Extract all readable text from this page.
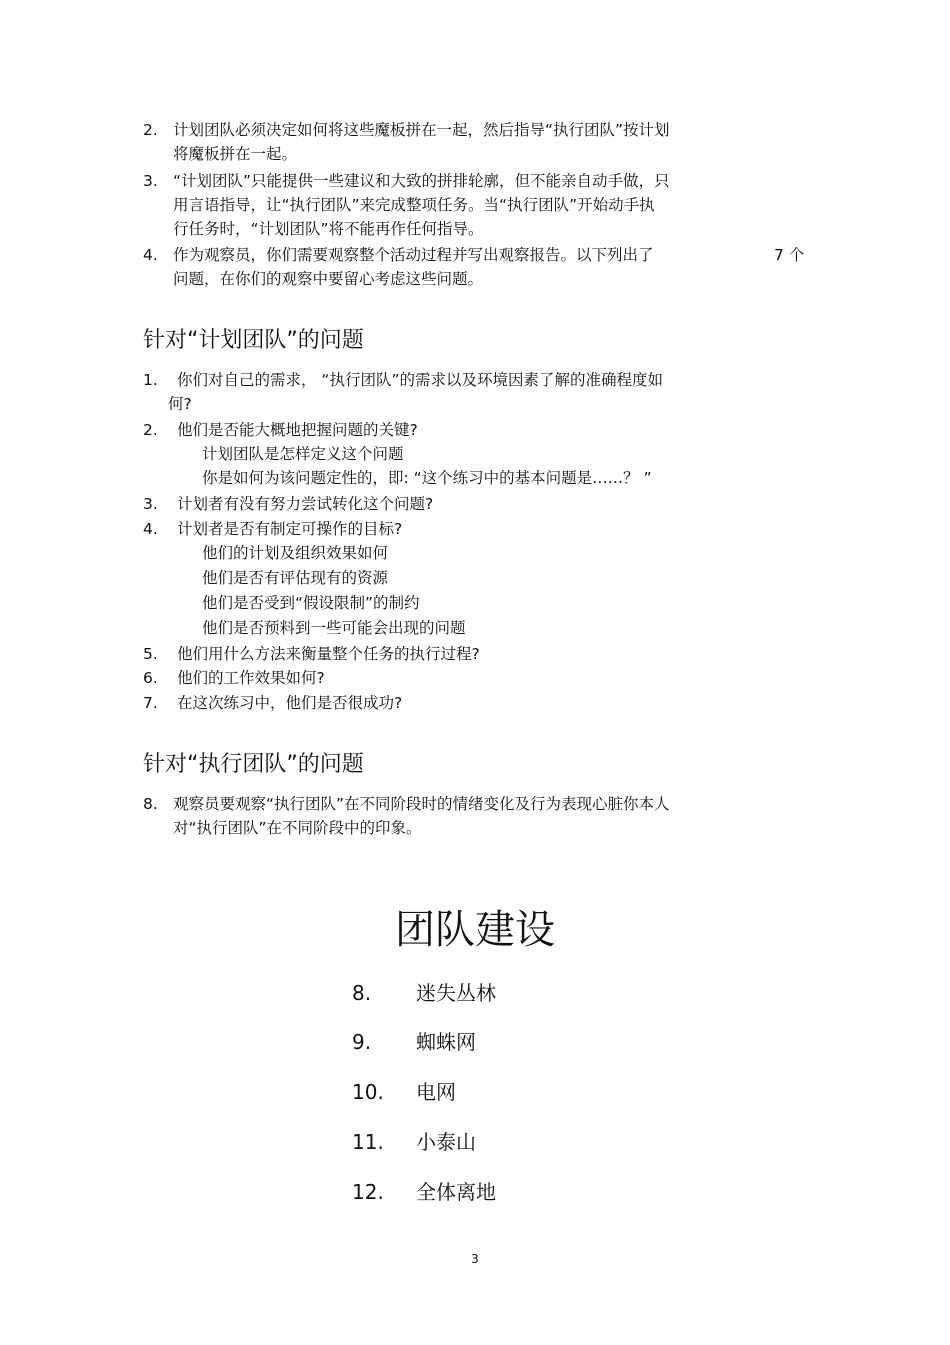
2. 计划团队必须决定如何将这些魔板拼在一起，然后指导“执行团队”按计划
将魔板拼在一起。
3. “计划团队”只能提供一些建议和大致的拼排轮廓，但不能亲自动手做，只
用言语指导，让“执行团队”来完成整项任务。当“执行团队”开始动手执
行任务时，“计划团队”将不能再作任何指导。
4. 作为观察员，你们需要观察整个活动过程并写出观察报告。以下列出了
问题，在你们的观察中要留心考虑这些问题。
7 个
针对“计划团队”的问题
1. 你们对自己的需求， “执行团队”的需求以及环境因素了解的准确程度如
何?
2. 他们是否能大概地把握问题的关键?
计划团队是怎样定义这个问题
你是如何为该问题定性的，即: “这个练习中的基本问题是……？ ”
3. 计划者有没有努力尝试转化这个问题?
4. 计划者是否有制定可操作的目标?
他们的计划及组织效果如何
他们是否有评估现有的资源
他们是否受到“假设限制”的制约
他们是否预料到一些可能会出现的问题
5. 他们用什么方法来衡量整个任务的执行过程?
6. 他们的工作效果如何?
7. 在这次练习中，他们是否很成功?
针对“执行团队”的问题
8. 观察员要观察“执行团队”在不同阶段时的情绪变化及行为表现心脏你本人
对“执行团队”在不同阶段中的印象。
团队建设
8. 迷失丛林
9. 蜘蛛网
10. 电网
11. 小泰山
12. 全体离地
3
